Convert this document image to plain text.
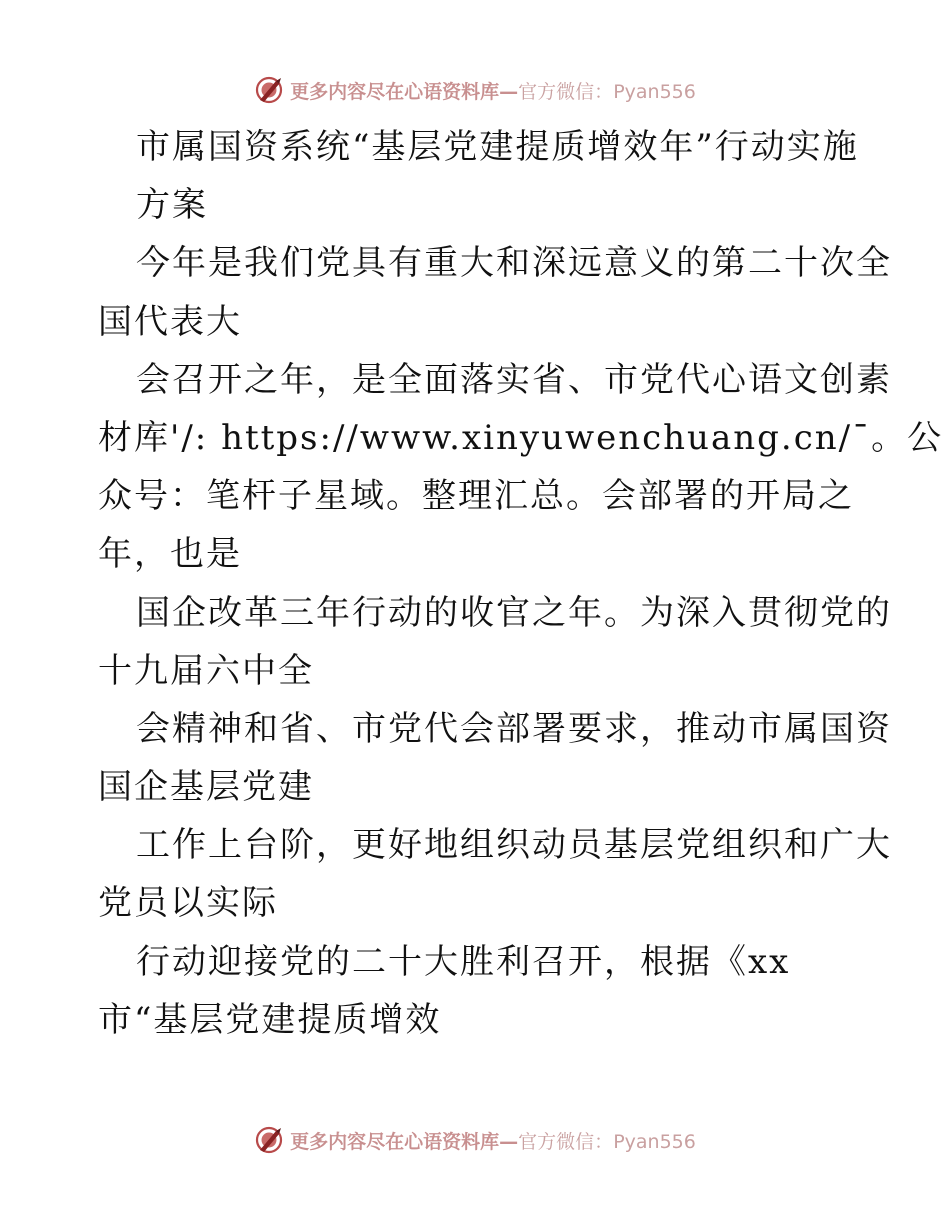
更多内容尽在心语资料库—官方微信：Pyan556
市属国资系统“基层党建提质增效年”行动实施
方案
今年是我们党具有重大和深远意义的第二十次全
国代表大
会召开之年，是全面落实省、市党代心语文创素
材库'/: https://www.xinyuwenchuang.cn/¯。公
众号：笔杆子星域。整理汇总。会部署的开局之
年，也是
国企改革三年行动的收官之年。为深入贯彻党的
十九届六中全
会精神和省、市党代会部署要求，推动市属国资
国企基层党建
工作上台阶，更好地组织动员基层党组织和广大
党员以实际
行动迎接党的二十大胜利召开，根据《xx
市“基层党建提质增效
更多内容尽在心语资料库—官方微信：Pyan556
